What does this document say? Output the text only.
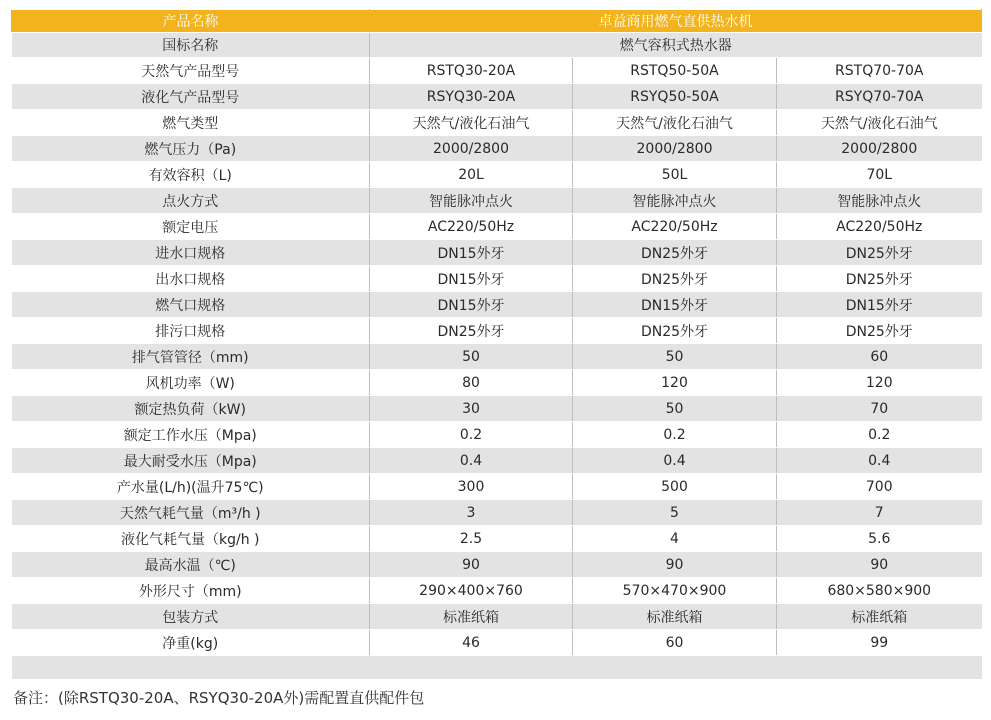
产品名称	卓益商用燃气直供热水机		
国标名称	燃气容积式热水器		
天然气产品型号	RSTQ30-20A	RSTQ50-50A	RSTQ70-70A
液化气产品型号	RSYQ30-20A	RSYQ50-50A	RSYQ70-70A
燃气类型	天然气/液化石油气	天然气/液化石油气	天然气/液化石油气
燃气压力（Pa)	2000/2800	2000/2800	2000/2800
有效容积（L)	20L	50L	70L
点火方式	智能脉冲点火	智能脉冲点火	智能脉冲点火
额定电压	AC220/50Hz	AC220/50Hz	AC220/50Hz
进水口规格	DN15外牙	DN25外牙	DN25外牙
出水口规格	DN15外牙	DN25外牙	DN25外牙
燃气口规格	DN15外牙	DN15外牙	DN15外牙
排污口规格	DN25外牙	DN25外牙	DN25外牙
排气管管径（mm)	50	50	60
风机功率（W)	80	120	120
额定热负荷（kW)	30	50	70
额定工作水压（Mpa)	0.2	0.2	0.2
最大耐受水压（Mpa)	0.4	0.4	0.4
产水量(L/h)(温升75℃)	300	500	700
天然气耗气量（m³/h )	3	5	7
液化气耗气量（kg/h )	2.5	4	5.6
最高水温（℃)	90	90	90
外形尺寸（mm)	290×400×760	570×470×900	680×580×900
包装方式	标准纸箱	标准纸箱	标准纸箱
净重(kg)	46	60	99

备注：(除RSTQ30-20A、RSYQ30-20A外)需配置直供配件包
